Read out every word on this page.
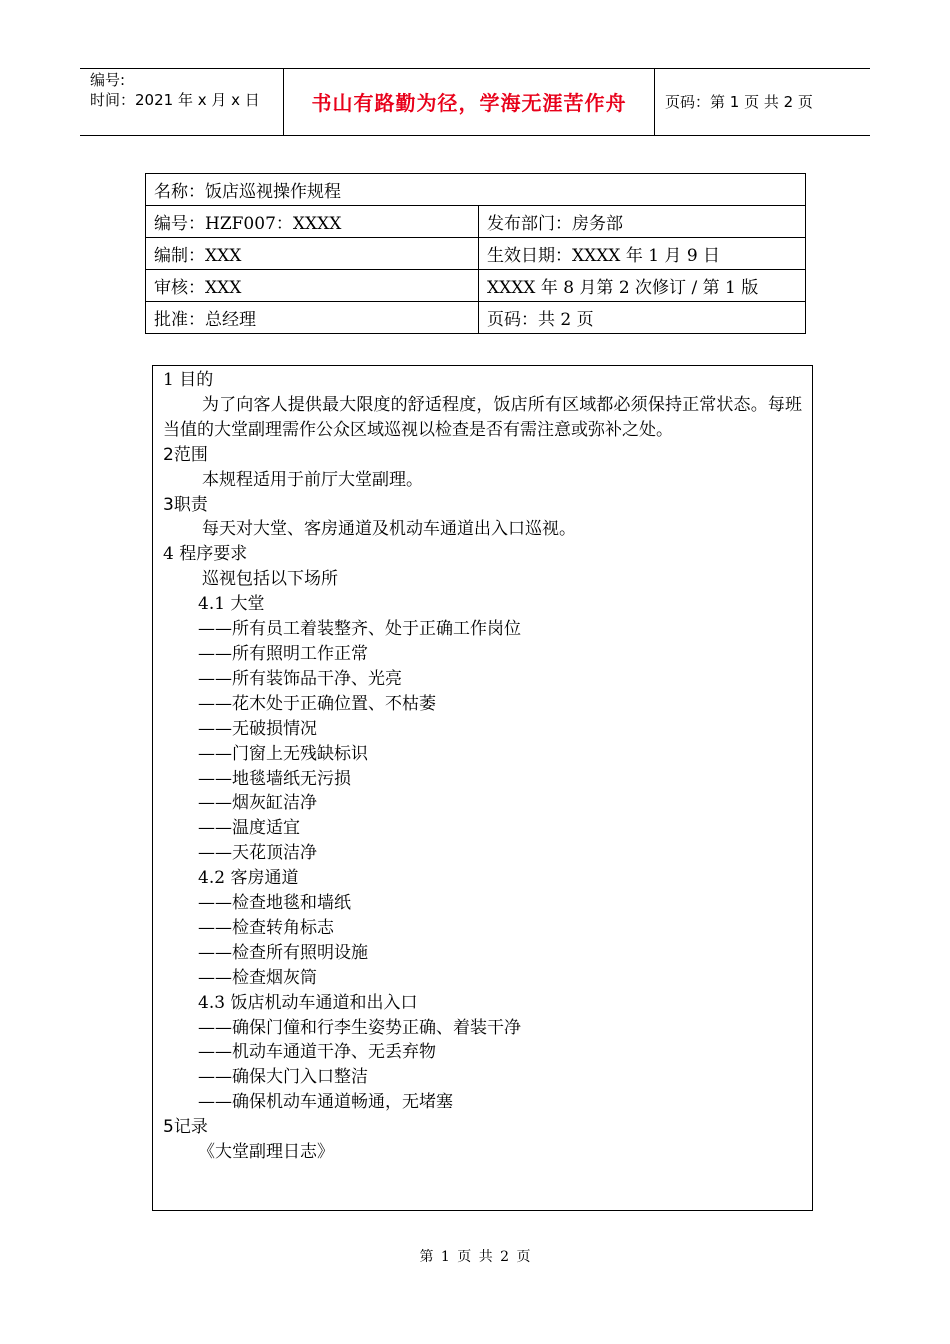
编号:
时间：2021 年 x 月 x 日	书山有路勤为径，学海无涯苦作舟	页码：第 1 页 共 2 页
名称：饭店巡视操作规程	
编号：HZF007：XXXX	发布部门：房务部
编制：XXX	生效日期：XXXX 年 1 月 9 日
审核：XXX	XXXX 年 8 月第 2 次修订 / 第 1 版
批准：总经理	页码：共 2 页

1 目的

为了向客人提供最大限度的舒适程度，饭店所有区域都必须保持正常状态。每班当值的大堂副理需作公众区域巡视以检查是否有需注意或弥补之处。

2范围

本规程适用于前厅大堂副理。

3职责

每天对大堂、客房通道及机动车通道出入口巡视。

4 程序要求

巡视包括以下场所

4.1 大堂

——所有员工着装整齐、处于正确工作岗位

——所有照明工作正常

——所有装饰品干净、光亮

——花木处于正确位置、不枯萎

——无破损情况

——门窗上无残缺标识

——地毯墙纸无污损

——烟灰缸洁净

——温度适宜

——天花顶洁净

4.2 客房通道

——检查地毯和墙纸

——检查转角标志

——检查所有照明设施

——检查烟灰筒

4.3 饭店机动车通道和出入口

——确保门僮和行李生姿势正确、着装干净

——机动车通道干净、无丢弃物

——确保大门入口整洁

——确保机动车通道畅通，无堵塞

5记录

《大堂副理日志》

第 1 页 共 2 页
